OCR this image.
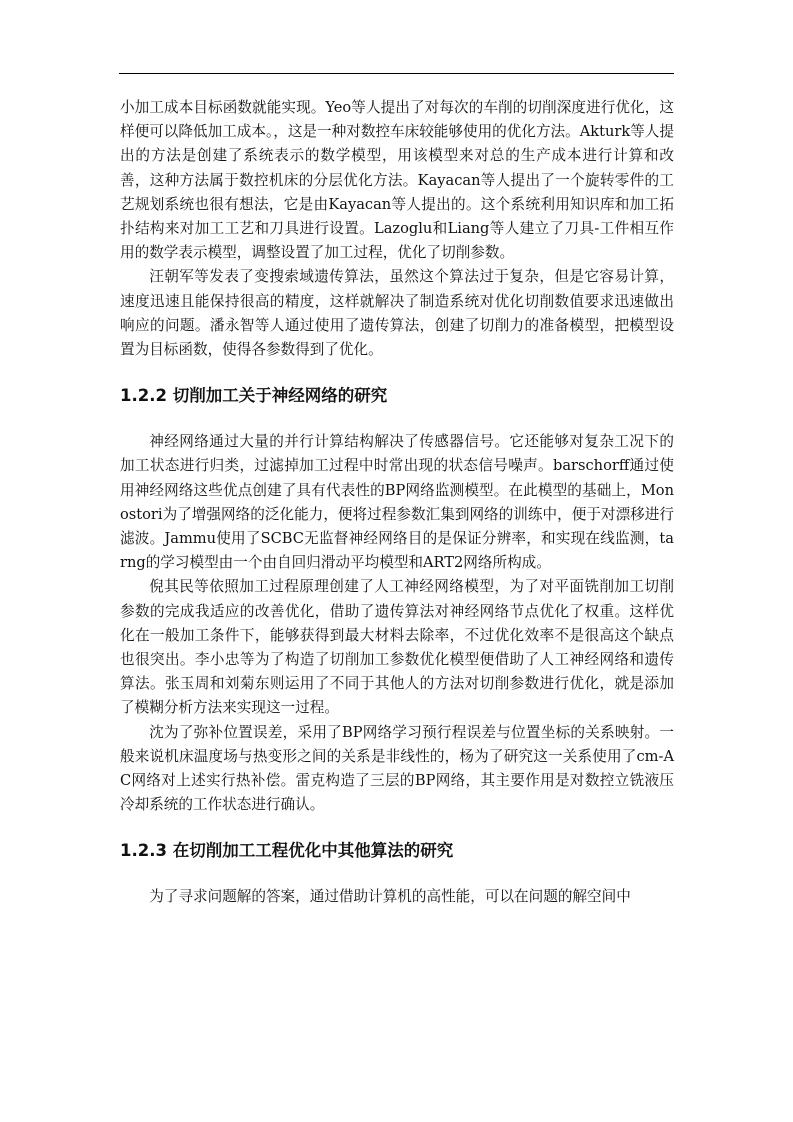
小加工成本目标函数就能实现。Yeo等人提出了对每次的车削的切削深度进行优化，这样便可以降低加工成本。，这是一种对数控车床较能够使用的优化方法。Akturk等人提出的方法是创建了系统表示的数学模型，用该模型来对总的生产成本进行计算和改善，这种方法属于数控机床的分层优化方法。Kayacan等人提出了一个旋转零件的工艺规划系统也很有想法，它是由Kayacan等人提出的。这个系统利用知识库和加工拓扑结构来对加工工艺和刀具进行设置。Lazoglu和Liang等人建立了刀具-工件相互作用的数学表示模型，调整设置了加工过程，优化了切削参数。

汪朝军等发表了变搜索域遗传算法，虽然这个算法过于复杂，但是它容易计算，速度迅速且能保持很高的精度，这样就解决了制造系统对优化切削数值要求迅速做出响应的问题。潘永智等人通过使用了遗传算法，创建了切削力的准备模型，把模型设置为目标函数，使得各参数得到了优化。

1.2.2 切削加工关于神经网络的研究

神经网络通过大量的并行计算结构解决了传感器信号。它还能够对复杂工况下的加工状态进行归类，过滤掉加工过程中时常出现的状态信号噪声。barschorff通过使用神经网络这些优点创建了具有代表性的BP网络监测模型。在此模型的基础上，Monostori为了增强网络的泛化能力，便将过程参数汇集到网络的训练中，便于对漂移进行滤波。Jammu使用了SCBC无监督神经网络目的是保证分辨率，和实现在线监测，tarng的学习模型由一个由自回归滑动平均模型和ART2网络所构成。

倪其民等依照加工过程原理创建了人工神经网络模型，为了对平面铣削加工切削参数的完成我适应的改善优化，借助了遗传算法对神经网络节点优化了权重。这样优化在一般加工条件下，能够获得到最大材料去除率，不过优化效率不是很高这个缺点也很突出。李小忠等为了构造了切削加工参数优化模型便借助了人工神经网络和遗传算法。张玉周和刘菊东则运用了不同于其他人的方法对切削参数进行优化，就是添加了模糊分析方法来实现这一过程。

沈为了弥补位置误差，采用了BP网络学习预行程误差与位置坐标的关系映射。一般来说机床温度场与热变形之间的关系是非线性的，杨为了研究这一关系使用了cm-AC网络对上述实行热补偿。雷克构造了三层的BP网络，其主要作用是对数控立铣液压冷却系统的工作状态进行确认。

1.2.3 在切削加工工程优化中其他算法的研究

为了寻求问题解的答案，通过借助计算机的高性能，可以在问题的解空间中
